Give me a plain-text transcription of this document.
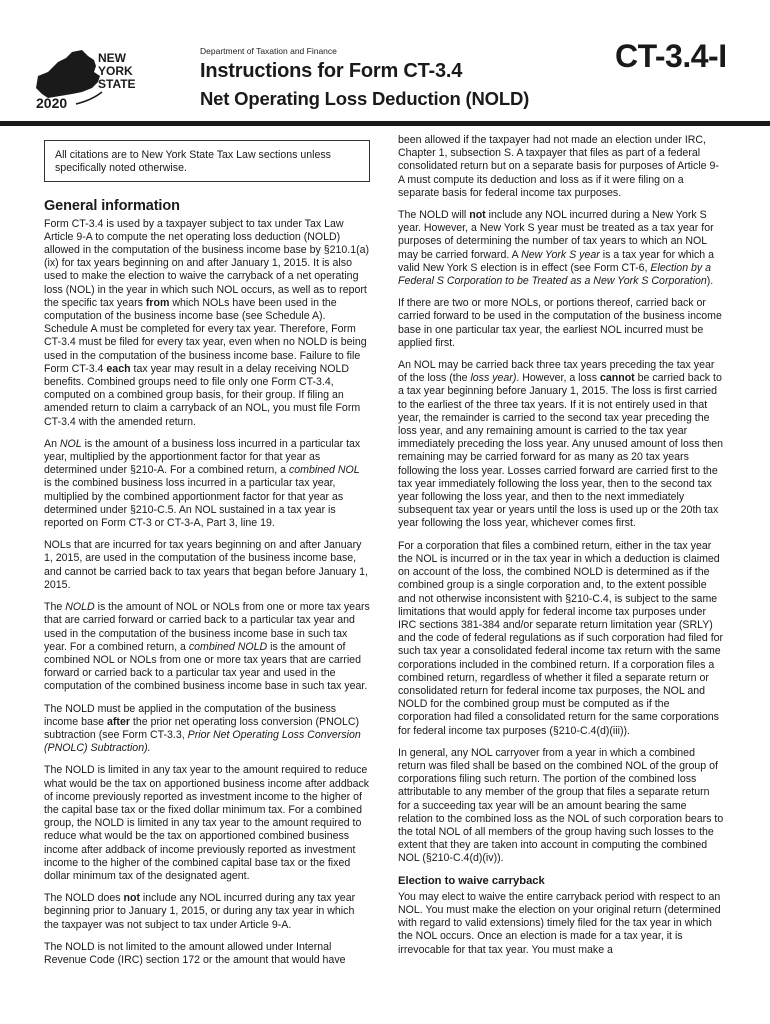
NEW
YORK
STATE
2020
Department of Taxation and Finance
Instructions for Form CT-3.4
Net Operating Loss Deduction (NOLD)
CT-3.4-I

All citations are to New York State Tax Law sections unless specifically noted otherwise.

General information

Form CT-3.4 is used by a taxpayer subject to tax under Tax Law Article 9-A to compute the net operating loss deduction (NOLD) allowed in the computation of the business income base by §210.1(a)(ix) for tax years beginning on and after January 1, 2015. It is also used to make the election to waive the carryback of a net operating loss (NOL) in the year in which such NOL occurs, as well as to report the specific tax years from which NOLs have been used in the computation of the business income base (see Schedule A). Schedule A must be completed for every tax year. Therefore, Form CT-3.4 must be filed for every tax year, even when no NOLD is being used in the computation of the business income base. Failure to file Form CT-3.4 each tax year may result in a delay receiving NOLD benefits. Combined groups need to file only one Form CT-3.4, computed on a combined group basis, for their group. If filing an amended return to claim a carryback of an NOL, you must file Form CT-3.4 with the amended return.

An NOL is the amount of a business loss incurred in a particular tax year, multiplied by the apportionment factor for that year as determined under §210-A. For a combined return, a combined NOL is the combined business loss incurred in a particular tax year, multiplied by the combined apportionment factor for that year as determined under §210-C.5. An NOL sustained in a tax year is reported on Form CT-3 or CT-3-A, Part 3, line 19.

NOLs that are incurred for tax years beginning on and after January 1, 2015, are used in the computation of the business income base, and cannot be carried back to tax years that began before January 1, 2015.

The NOLD is the amount of NOL or NOLs from one or more tax years that are carried forward or carried back to a particular tax year and used in the computation of the business income base in such tax year. For a combined return, a combined NOLD is the amount of combined NOL or NOLs from one or more tax years that are carried forward or carried back to a particular tax year and used in the computation of the combined business income base in such tax year.

The NOLD must be applied in the computation of the business income base after the prior net operating loss conversion (PNOLC) subtraction (see Form CT-3.3, Prior Net Operating Loss Conversion (PNOLC) Subtraction).

The NOLD is limited in any tax year to the amount required to reduce what would be the tax on apportioned business income after addback of income previously reported as investment income to the higher of the capital base tax or the fixed dollar minimum tax. For a combined group, the NOLD is limited in any tax year to the amount required to reduce what would be the tax on apportioned combined business income after addback of income previously reported as investment income to the higher of the combined capital base tax or the fixed dollar minimum tax of the designated agent.

The NOLD does not include any NOL incurred during any tax year beginning prior to January 1, 2015, or during any tax year in which the taxpayer was not subject to tax under Article 9-A.

The NOLD is not limited to the amount allowed under Internal Revenue Code (IRC) section 172 or the amount that would have

been allowed if the taxpayer had not made an election under IRC, Chapter 1, subsection S. A taxpayer that files as part of a federal consolidated return but on a separate basis for purposes of Article 9-A must compute its deduction and loss as if it were filing on a separate basis for federal income tax purposes.

The NOLD will not include any NOL incurred during a New York S year. However, a New York S year must be treated as a tax year for purposes of determining the number of tax years to which an NOL may be carried forward. A New York S year is a tax year for which a valid New York S election is in effect (see Form CT-6, Election by a Federal S Corporation to be Treated as a New York S Corporation).

If there are two or more NOLs, or portions thereof, carried back or carried forward to be used in the computation of the business income base in one particular tax year, the earliest NOL incurred must be applied first.

An NOL may be carried back three tax years preceding the tax year of the loss (the loss year). However, a loss cannot be carried back to a tax year beginning before January 1, 2015. The loss is first carried to the earliest of the three tax years. If it is not entirely used in that year, the remainder is carried to the second tax year preceding the loss year, and any remaining amount is carried to the tax year immediately preceding the loss year. Any unused amount of loss then remaining may be carried forward for as many as 20 tax years following the loss year. Losses carried forward are carried first to the tax year immediately following the loss year, then to the second tax year following the loss year, and then to the next immediately subsequent tax year or years until the loss is used up or the 20th tax year following the loss year, whichever comes first.

For a corporation that files a combined return, either in the tax year the NOL is incurred or in the tax year in which a deduction is claimed on account of the loss, the combined NOLD is determined as if the combined group is a single corporation and, to the extent possible and not otherwise inconsistent with §210-C.4, is subject to the same limitations that would apply for federal income tax purposes under IRC sections 381-384 and/or separate return limitation year (SRLY) and the code of federal regulations as if such corporation had filed for such tax year a consolidated federal income tax return with the same corporations included in the combined return. If a corporation files a combined return, regardless of whether it filed a separate return or consolidated return for federal income tax purposes, the NOL and NOLD for the combined group must be computed as if the corporation had filed a consolidated return for the same corporations for federal income tax purposes (§210-C.4(d)(iii)).

In general, any NOL carryover from a year in which a combined return was filed shall be based on the combined NOL of the group of corporations filing such return. The portion of the combined loss attributable to any member of the group that files a separate return for a succeeding tax year will be an amount bearing the same relation to the combined loss as the NOL of such corporation bears to the total NOL of all members of the group having such losses to the extent that they are taken into account in computing the combined NOL (§210-C.4(d)(iv)).

Election to waive carryback

You may elect to waive the entire carryback period with respect to an NOL. You must make the election on your original return (determined with regard to valid extensions) timely filed for the tax year in which the NOL occurs. Once an election is made for a tax year, it is irrevocable for that tax year. You must make a
